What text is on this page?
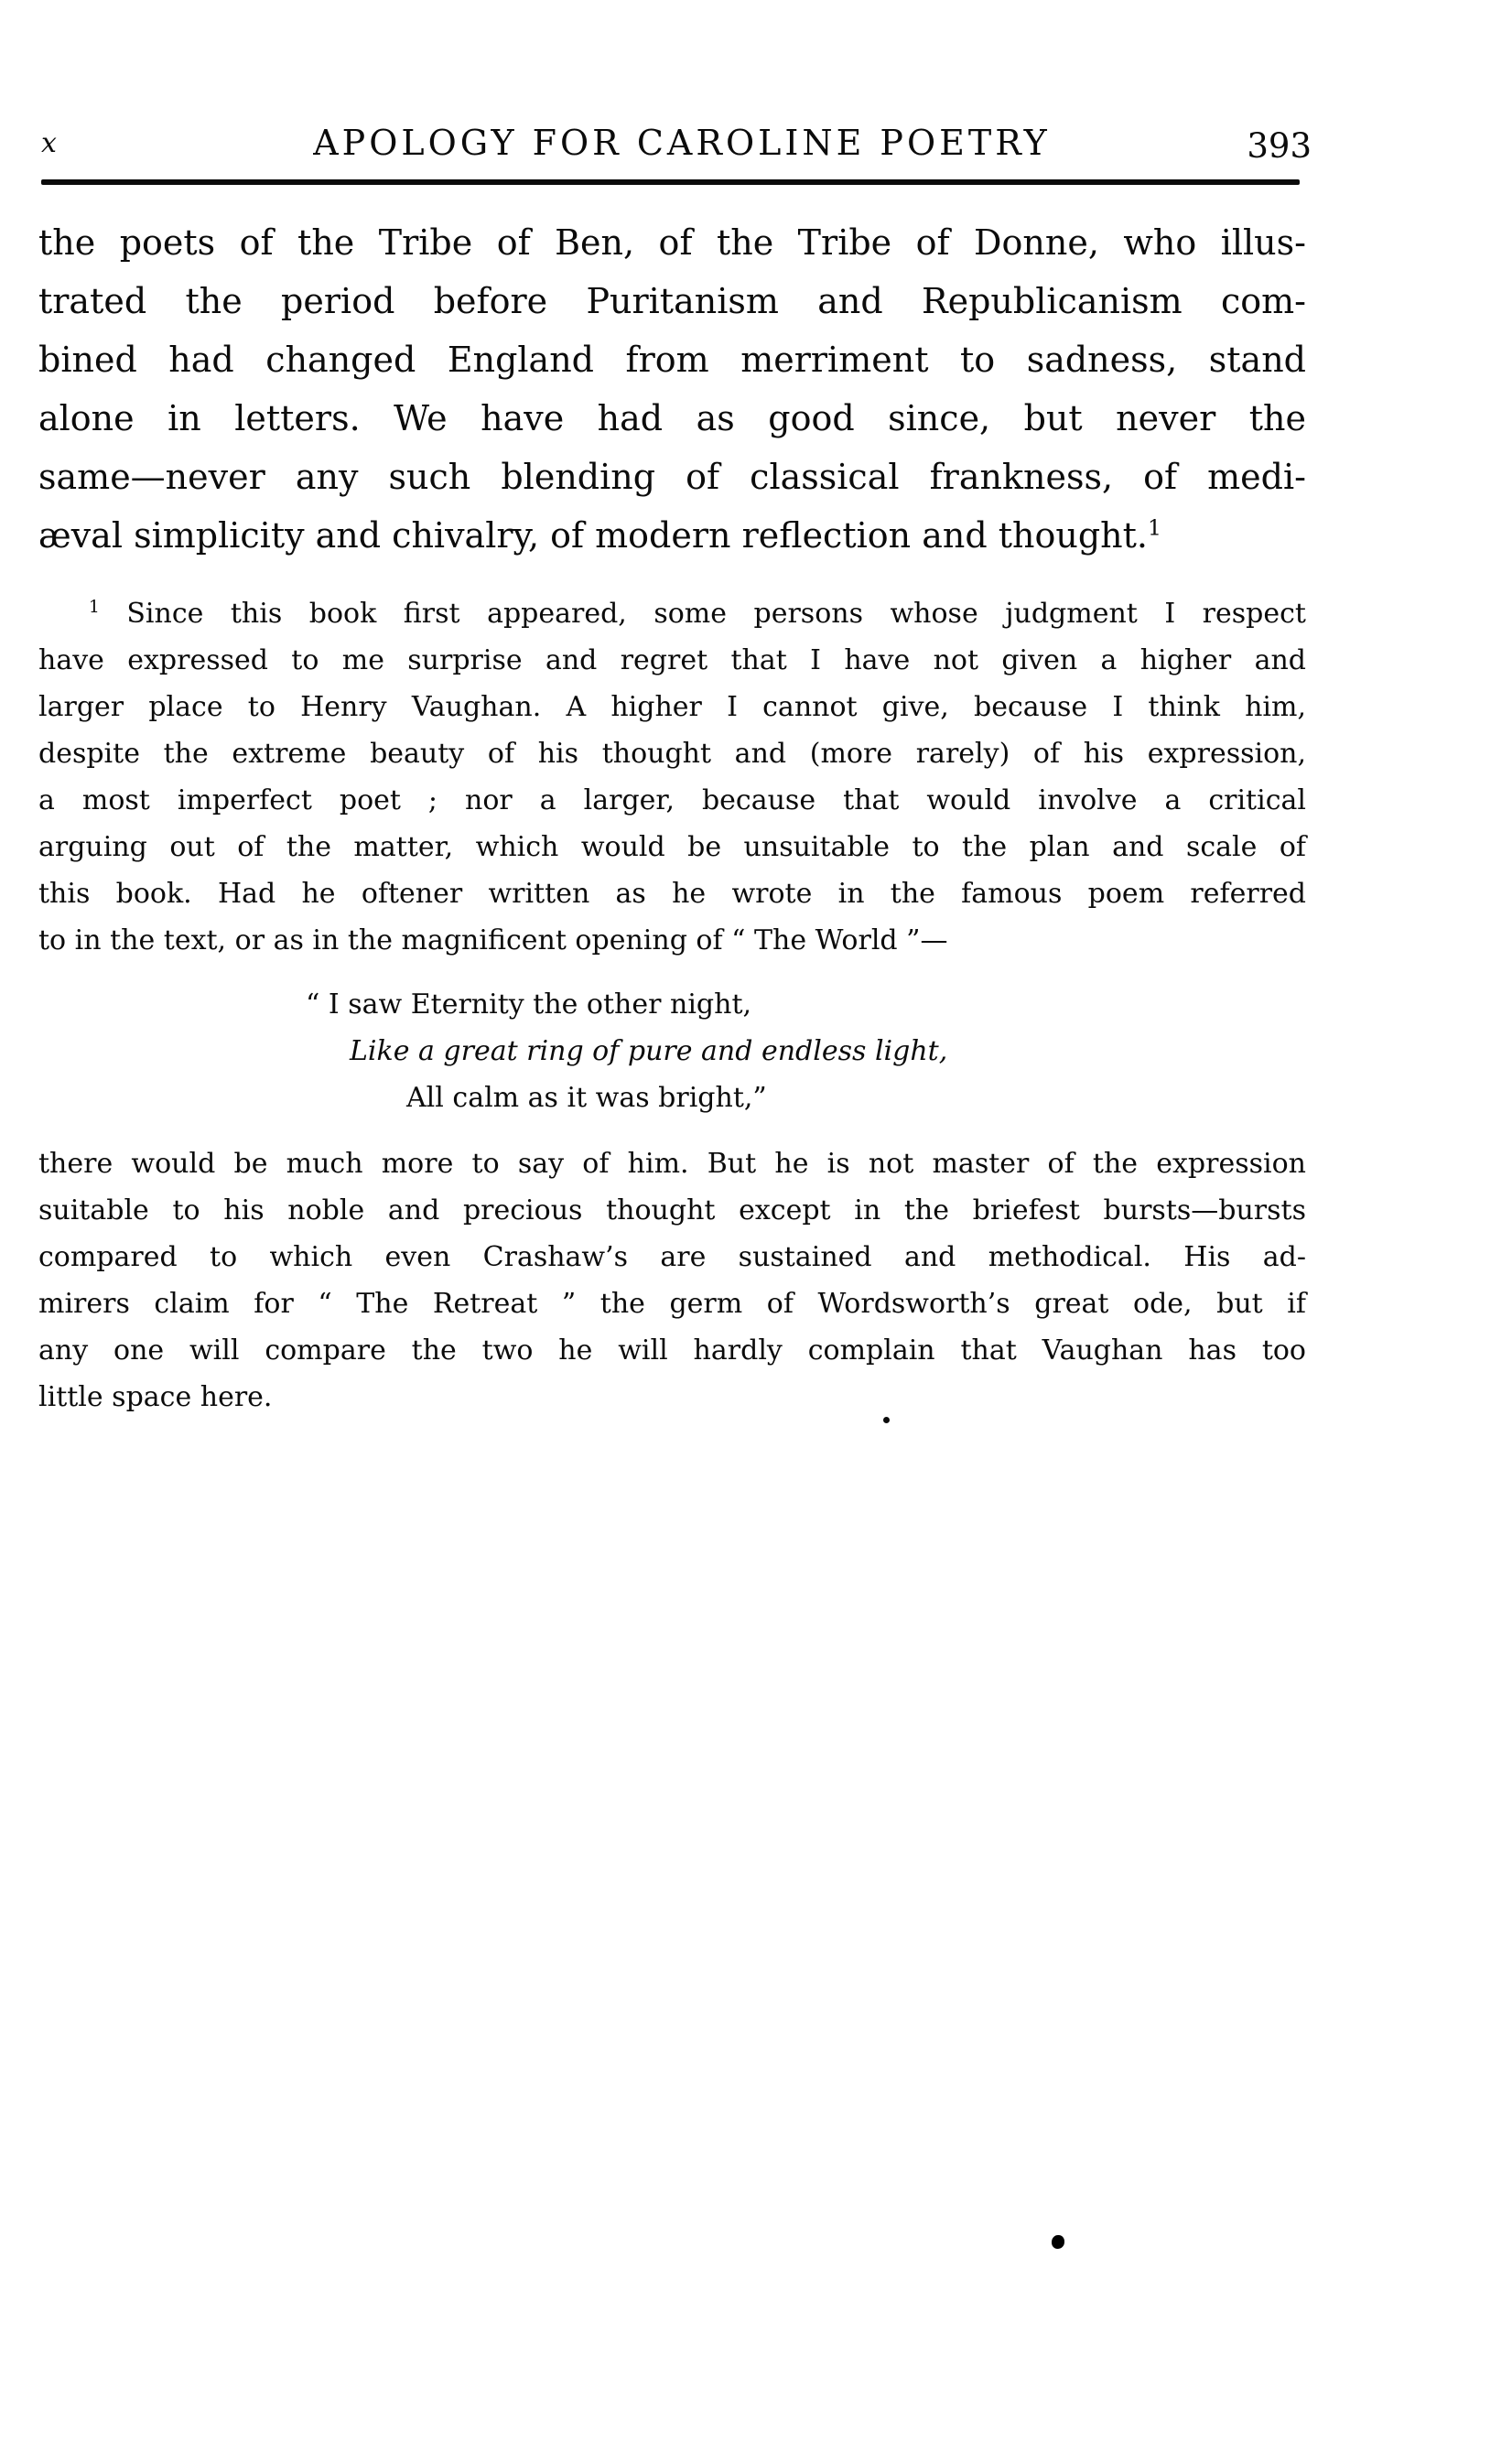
x	APOLOGY FOR CAROLINE POETRY	393
the poets of the Tribe of Ben, of the Tribe of Donne, who illus-
trated the period before Puritanism and Republicanism com-
bined had changed England from merriment to sadness, stand
alone in letters. We have had as good since, but never the
same—never any such blending of classical frankness, of medi-
æval simplicity and chivalry, of modern reflection and thought.$^1$
$^1$ Since this book first appeared, some persons whose judgment I respect
have expressed to me surprise and regret that I have not given a higher and
larger place to Henry Vaughan. A higher I cannot give, because I think him,
despite the extreme beauty of his thought and (more rarely) of his expression,
a most imperfect poet ; nor a larger, because that would involve a critical
arguing out of the matter, which would be unsuitable to the plan and scale of
this book. Had he oftener written as he wrote in the famous poem referred
to in the text, or as in the magnificent opening of “ The World ”—
“ I saw Eternity the other night,
Like a great ring of pure and endless light,
All calm as it was bright,”
there would be much more to say of him. But he is not master of the expression
suitable to his noble and precious thought except in the briefest bursts—bursts
compared to which even Crashaw’s are sustained and methodical. His ad-
mirers claim for “ The Retreat ” the germ of Wordsworth’s great ode, but if
any one will compare the two he will hardly complain that Vaughan has too
little space here.
